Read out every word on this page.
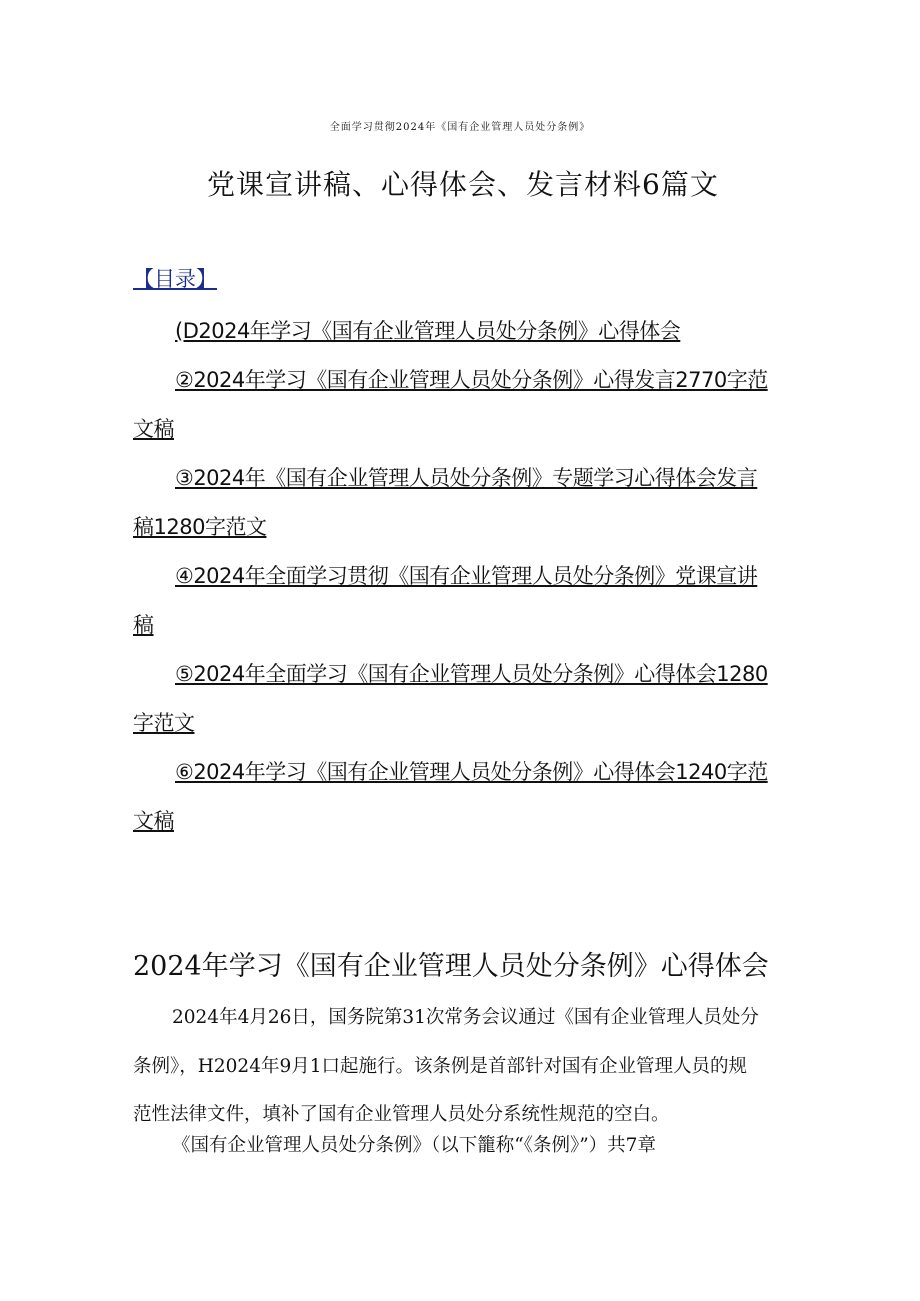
全面学习贯彻2024年《国有企业管理人员处分条例》
党课宣讲稿、心得体会、发言材料6篇文
【目录】
(D2024年学习《国有企业管理人员处分条例》心得体会
②2024年学习《国有企业管理人员处分条例》心得发言2770字范
文稿
③2024年《国有企业管理人员处分条例》专题学习心得体会发言
稿1280字范文
④2024年全面学习贯彻《国有企业管理人员处分条例》党课宣讲
稿
⑤2024年全面学习《国有企业管理人员处分条例》心得体会1280
字范文
⑥2024年学习《国有企业管理人员处分条例》心得体会1240字范
文稿
2024年学习《国有企业管理人员处分条例》心得体会
2024年4月26日，国务院第31次常务会议通过《国有企业管理人员处分
条例》，H2024年9月1口起施行。该条例是首部针对国有企业管理人员的规
范性法律文件，填补了国有企业管理人员处分系统性规范的空白。
《国有企业管理人员处分条例》（以下籠称“《条例》”）共7章
